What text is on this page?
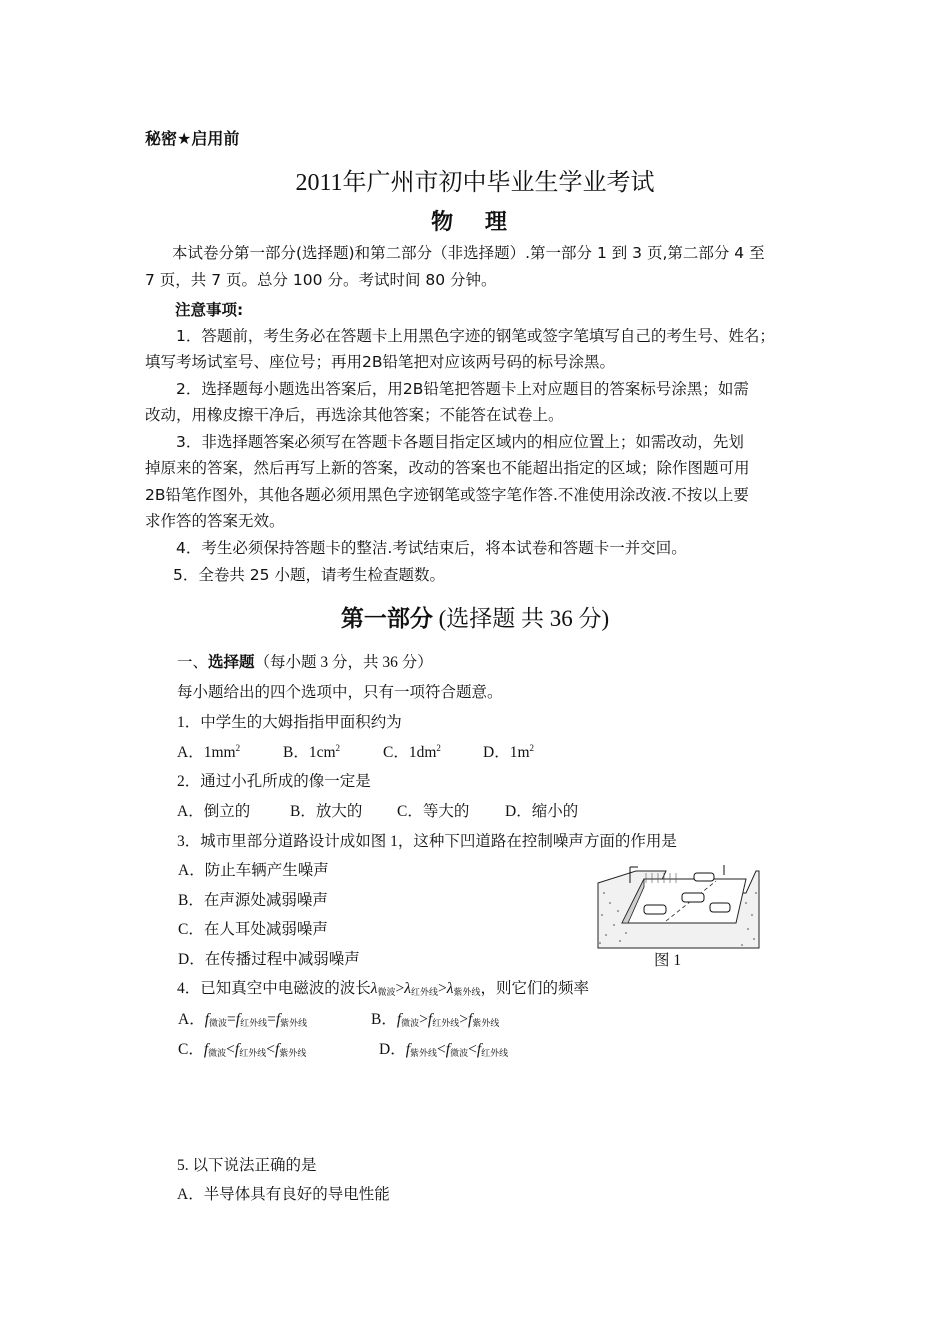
秘密★启用前
2011年广州市初中毕业生学业考试
物 理
本试卷分第一部分(选择题)和第二部分（非选择题）.第一部分 1 到 3 页,第二部分 4 至
7 页，共 7 页。总分 100 分。考试时间 80 分钟。
注意事项:
1．答题前，考生务必在答题卡上用黑色字迹的钢笔或签字笔填写自己的考生号、姓名；
填写考场试室号、座位号；再用2B铅笔把对应该两号码的标号涂黑。
2．选择题每小题选出答案后，用2B铅笔把答题卡上对应题目的答案标号涂黑；如需
改动，用橡皮擦干净后，再选涂其他答案；不能答在试卷上。
3．非选择题答案必须写在答题卡各题目指定区域内的相应位置上；如需改动，先划
掉原来的答案，然后再写上新的答案，改动的答案也不能超出指定的区域；除作图题可用
2B铅笔作图外，其他各题必须用黑色字迹钢笔或签字笔作答.不准使用涂改液.不按以上要
求作答的答案无效。
4．考生必须保持答题卡的整洁.考试结束后，将本试卷和答题卡一并交回。
5．全卷共 25 小题，请考生检查题数。
第一部分 (选择题 共 36 分)
一、选择题（每小题 3 分，共 36 分）
每小题给出的四个选项中，只有一项符合题意。
1．中学生的大姆指指甲面积约为
A．$1mm^2$	B．$1cm^2$	C．$1dm^2$	D．$1m^2$
2．通过小孔所成的像一定是
A．倒立的	B．放大的 C．等大的 D．缩小的
3．城市里部分道路设计成如图 1，这种下凹道路在控制噪声方面的作用是
A．防止车辆产生噪声
B．在声源处减弱噪声
C．在人耳处减弱噪声
D．在传播过程中减弱噪声	图 1
4．已知真空中电磁波的波长$\lambda_{微波}>\lambda_{红外线}>\lambda_{紫外线}$，则它们的频率
A．$f_{微波}=f_{红外线}=f_{紫外线}$	B．$f_{微波}>f_{红外线}>f_{紫外线}$
C．$f_{微波}<f_{红外线}<f_{紫外线}$	D．$f_{紫外线}<f_{微波}<f_{红外线}$
5. 以下说法正确的是
A．半导体具有良好的导电性能
